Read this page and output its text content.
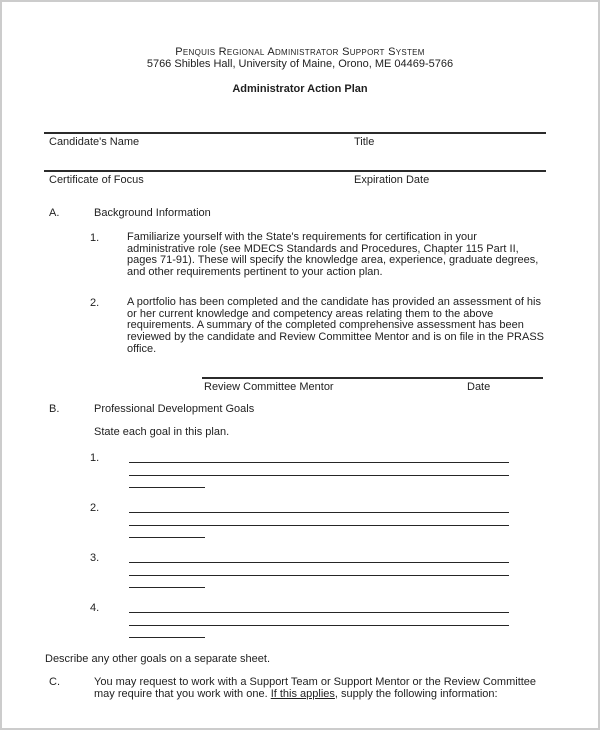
Penquis Regional Administrator Support System
5766 Shibles Hall, University of Maine, Orono, ME 04469-5766
Administrator Action Plan
Candidate's Name	Title
Certificate of Focus	Expiration Date
A.	Background Information
1.	Familiarize yourself with the State's requirements for certification in your administrative role (see MDECS Standards and Procedures, Chapter 115 Part II, pages 71-91). These will specify the knowledge area, experience, graduate degrees, and other requirements pertinent to your action plan.
2.	A portfolio has been completed and the candidate has provided an assessment of his or her current knowledge and competency areas relating them to the above requirements. A summary of the completed comprehensive assessment has been reviewed by the candidate and Review Committee Mentor and is on file in the PRASS office.
Review Committee Mentor	Date
B.	Professional Development Goals
State each goal in this plan.
1.
2.
3.
4.
Describe any other goals on a separate sheet.
C.	You may request to work with a Support Team or Support Mentor or the Review Committee may require that you work with one. If this applies, supply the following information:
